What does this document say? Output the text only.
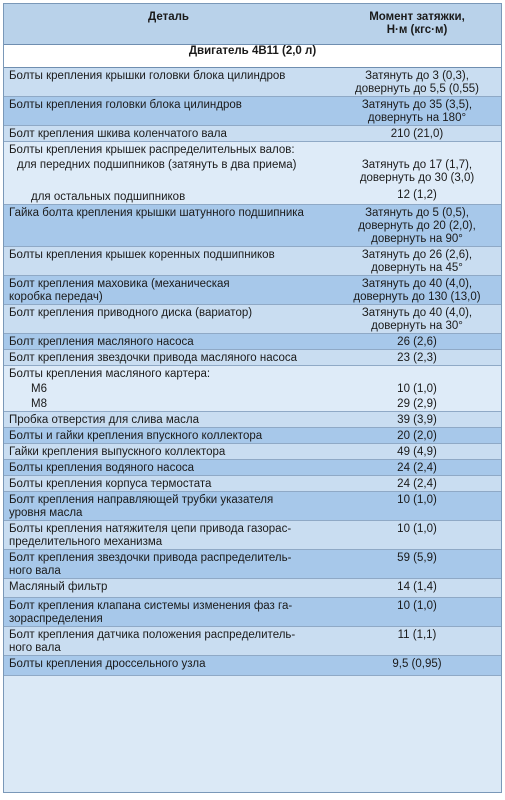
Деталь	Момент затяжки,
Н·м (кгс·м)

Двигатель 4В11 (2,0 л)	

Болты крепления крышки головки блока цилиндров	Затянуть до 3 (0,3),
довернуть до 5,5 (0,55)

Болты крепления головки блока цилиндров	Затянуть до 35 (3,5),
довернуть на 180°

Болт крепления шкива коленчатого вала	210 (21,0)

Болты крепления крышек распределительных валов:	

для передних подшипников (затянуть в два приема)	Затянуть до 17 (1,7),
довернуть до 30 (3,0)

для остальных подшипников	12 (1,2)

Гайка болта крепления крышки шатунного подшипника	Затянуть до 5 (0,5),
довернуть до 20 (2,0),
довернуть на 90°

Болты крепления крышек коренных подшипников	Затянуть до 26 (2,6),
довернуть на 45°

Болт крепления маховика (механическая
коробка передач)	Затянуть до 40 (4,0),
довернуть до 130 (13,0)

Болт крепления приводного диска (вариатор)	Затянуть до 40 (4,0),
довернуть на 30°

Болт крепления масляного насоса	26 (2,6)

Болт крепления звездочки привода масляного насоса	23 (2,3)

Болты крепления масляного картера:	

М6	10 (1,0)

М8	29 (2,9)

Пробка отверстия для слива масла	39 (3,9)

Болты и гайки крепления впускного коллектора	20 (2,0)

Гайки крепления выпускного коллектора	49 (4,9)

Болты крепления водяного насоса	24 (2,4)

Болты крепления корпуса термостата	24 (2,4)

Болт крепления направляющей трубки указателя
уровня масла	10 (1,0)

Болты крепления натяжителя цепи привода газорас-
пределительного механизма	10 (1,0)

Болт крепления звездочки привода распределитель-
ного вала	59 (5,9)

Масляный фильтр	14 (1,4)

Болт крепления клапана системы изменения фаз га-
зораспределения	10 (1,0)

Болт крепления датчика положения распределитель-
ного вала	11 (1,1)

Болты крепления дроссельного узла	9,5 (0,95)
